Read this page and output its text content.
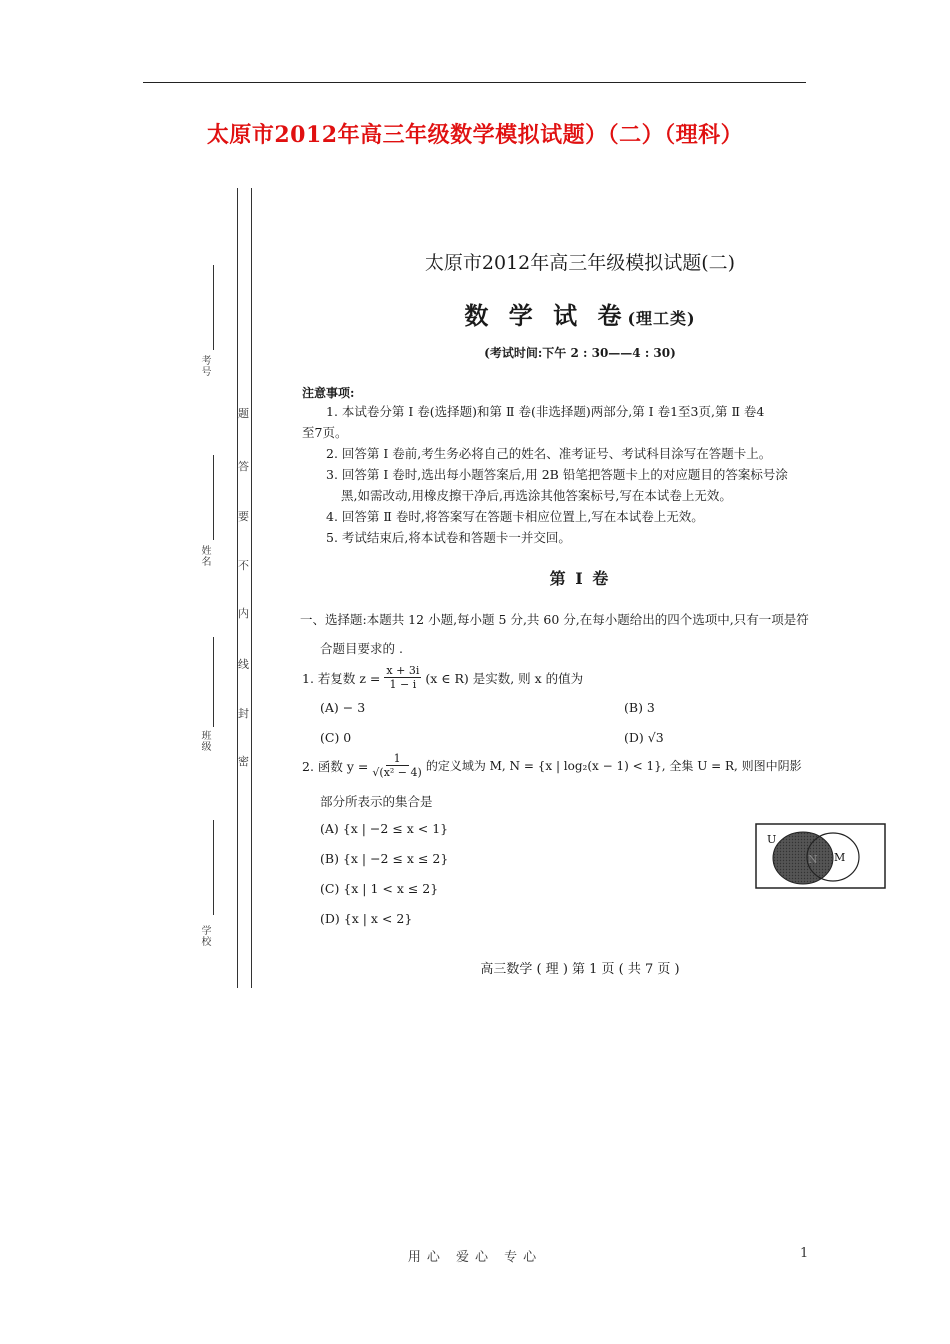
太原市2012年高三年级数学模拟试题）（二）（理科）
考号
姓名
班级
学校
题
答
要
不
内
线
封
密
太原市2012年高三年级模拟试题(二)
数 学 试 卷(理工类)
(考试时间:下午 2 : 30——4 : 30)
注意事项:
1. 本试卷分第 Ⅰ 卷(选择题)和第 Ⅱ 卷(非选择题)两部分,第 Ⅰ 卷1至3页,第 Ⅱ 卷4
至7页。
2. 回答第 Ⅰ 卷前,考生务必将自己的姓名、准考证号、考试科目涂写在答题卡上。
3. 回答第 Ⅰ 卷时,选出每小题答案后,用 2B 铅笔把答题卡上的对应题目的答案标号涂
黑,如需改动,用橡皮擦干净后,再选涂其他答案标号,写在本试卷上无效。
4. 回答第 Ⅱ 卷时,将答案写在答题卡相应位置上,写在本试卷上无效。
5. 考试结束后,将本试卷和答题卡一并交回。
第 Ⅰ 卷
一、选择题:本题共 12 小题,每小题 5 分,共 60 分,在每小题给出的四个选项中,只有一项是符
合题目要求的 .
1. 若复数 $z = \frac{x + 3i}{1 - i} (x$ ∈ R) 是实数, 则 x 的值为
(A) − 3	(B) 3
(C) 0	(D) √3
2. 函数 $y = \frac{1}{\text{√(x² − 4)}}$ 的定义域为 M, N = {x | log₂(x − 1) < 1}, 全集 U = R, 则图中阴影
部分所表示的集合是
(A) {x | −2 ≤ x < 1}
(B) {x | −2 ≤ x ≤ 2}
(C) {x | 1 < x ≤ 2}
(D) {x | x < 2}
U
N M
高三数学 ( 理 ) 第 1 页 ( 共 7 页 )
用心 爱心 专心	1
